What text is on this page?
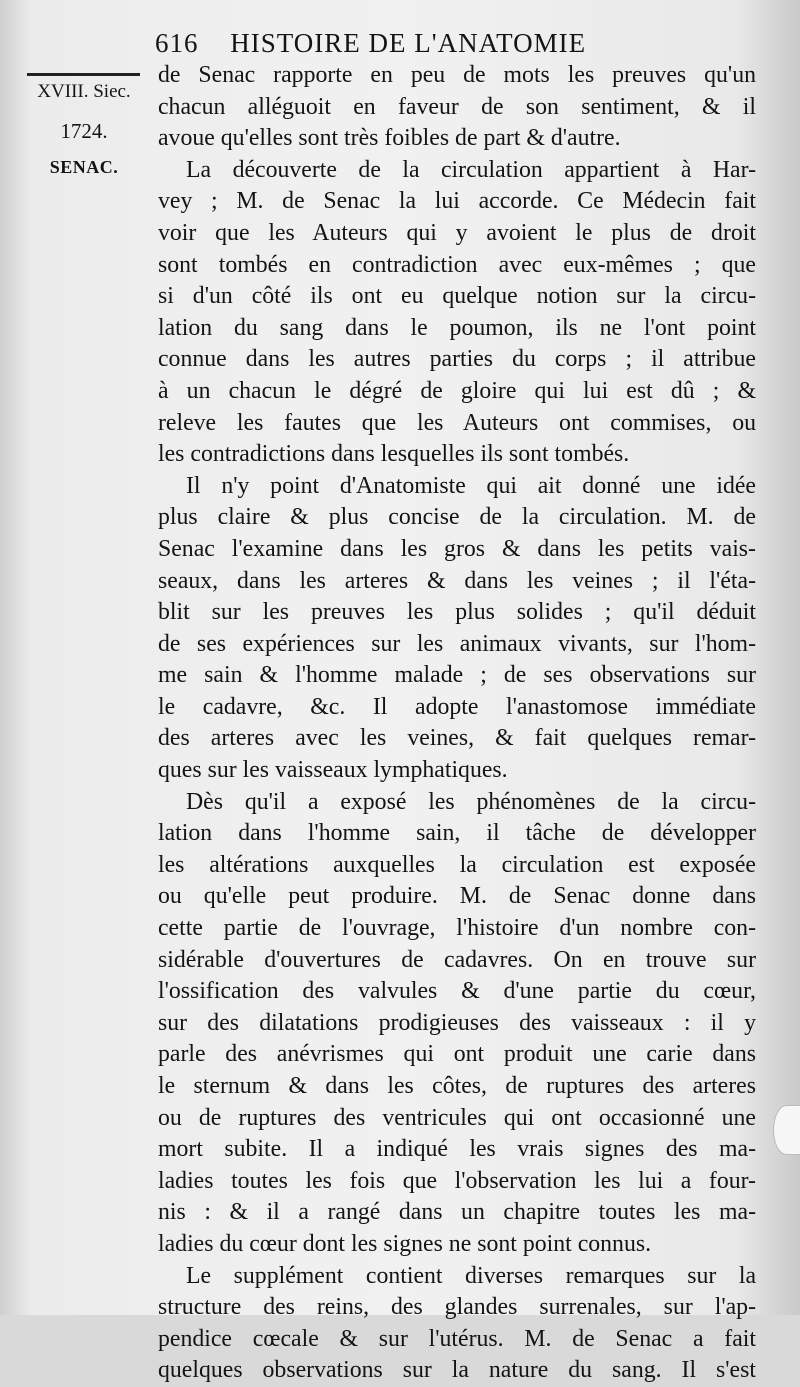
616 HISTOIRE DE L'ANATOMIE
XVIII. Siec.
1724.
SENAC.
de Senac rapporte en peu de mots les preuves qu'un
chacun alléguoit en faveur de son sentiment, & il
avoue qu'elles sont très foibles de part & d'autre.
La découverte de la circulation appartient à Har-
vey ; M. de Senac la lui accorde. Ce Médecin fait
voir que les Auteurs qui y avoient le plus de droit
sont tombés en contradiction avec eux-mêmes ; que
si d'un côté ils ont eu quelque notion sur la circu-
lation du sang dans le poumon, ils ne l'ont point
connue dans les autres parties du corps ; il attribue
à un chacun le dégré de gloire qui lui est dû ; &
releve les fautes que les Auteurs ont commises, ou
les contradictions dans lesquelles ils sont tombés.
Il n'y point d'Anatomiste qui ait donné une idée
plus claire & plus concise de la circulation. M. de
Senac l'examine dans les gros & dans les petits vais-
seaux, dans les arteres & dans les veines ; il l'éta-
blit sur les preuves les plus solides ; qu'il déduit
de ses expériences sur les animaux vivants, sur l'hom-
me sain & l'homme malade ; de ses observations sur
le cadavre, &c. Il adopte l'anastomose immédiate
des arteres avec les veines, & fait quelques remar-
ques sur les vaisseaux lymphatiques.
Dès qu'il a exposé les phénomènes de la circu-
lation dans l'homme sain, il tâche de développer
les altérations auxquelles la circulation est exposée
ou qu'elle peut produire. M. de Senac donne dans
cette partie de l'ouvrage, l'histoire d'un nombre con-
sidérable d'ouvertures de cadavres. On en trouve sur
l'ossification des valvules & d'une partie du cœur,
sur des dilatations prodigieuses des vaisseaux : il y
parle des anévrismes qui ont produit une carie dans
le sternum & dans les côtes, de ruptures des arteres
ou de ruptures des ventricules qui ont occasionné une
mort subite. Il a indiqué les vrais signes des ma-
ladies toutes les fois que l'observation les lui a four-
nis : & il a rangé dans un chapitre toutes les ma-
ladies du cœur dont les signes ne sont point connus.
Le supplément contient diverses remarques sur la
structure des reins, des glandes surrenales, sur l'ap-
pendice cœcale & sur l'utérus. M. de Senac a fait
quelques observations sur la nature du sang. Il s'est
